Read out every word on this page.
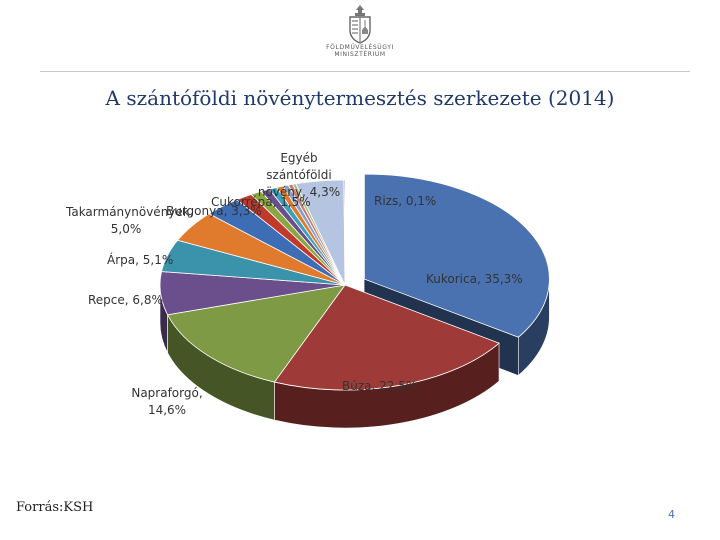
FÖLDMŰVELÉSÜGYI
MINISZTÉRIUM
A szántóföldi növénytermesztés szerkezete (2014)
Kukorica, 35,3%
Búza, 22,5%
Napraforgó,
14,6%
Repce, 6,8%
Árpa, 5,1%
Takarmánynövények,
5,0%
Burgonya, 3,3%
Cukorrépa, 1,5%
Egyéb
szántóföldi
növény, 4,3%
Rizs, 0,1%
Forrás:KSH	4
